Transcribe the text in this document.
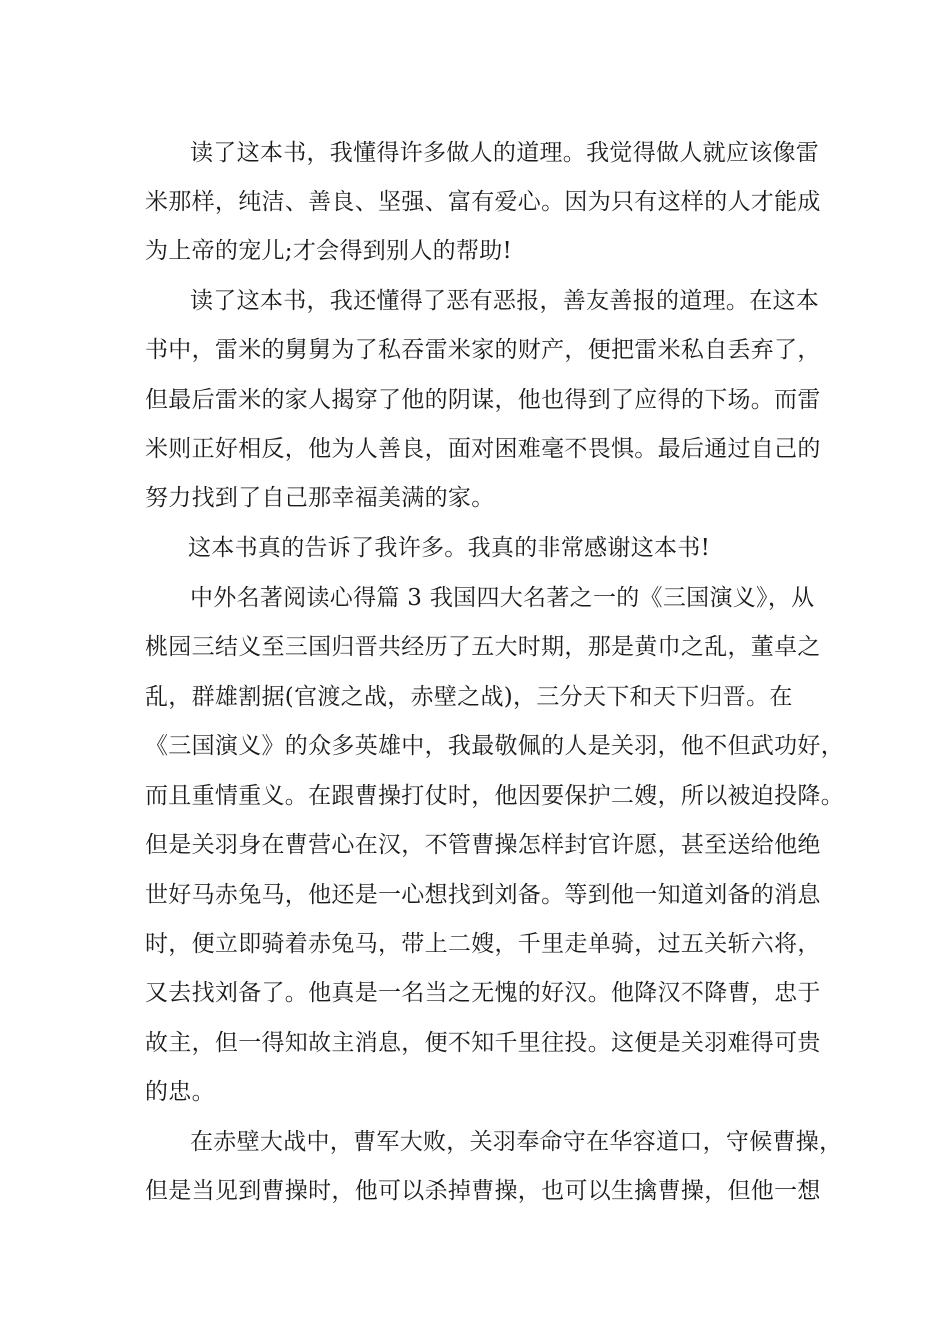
读了这本书，我懂得许多做人的道理。我觉得做人就应该像雷
米那样，纯洁、善良、坚强、富有爱心。因为只有这样的人才能成
为上帝的宠儿;才会得到别人的帮助!
读了这本书，我还懂得了恶有恶报，善友善报的道理。在这本
书中，雷米的舅舅为了私吞雷米家的财产，便把雷米私自丢弃了，
但最后雷米的家人揭穿了他的阴谋，他也得到了应得的下场。而雷
米则正好相反，他为人善良，面对困难毫不畏惧。最后通过自己的
努力找到了自己那幸福美满的家。
这本书真的告诉了我许多。我真的非常感谢这本书!
中外名著阅读心得篇 3 我国四大名著之一的《三国演义》，从
桃园三结义至三国归晋共经历了五大时期，那是黄巾之乱，董卓之
乱，群雄割据(官渡之战，赤壁之战)，三分天下和天下归晋。在
《三国演义》的众多英雄中，我最敬佩的人是关羽，他不但武功好，
而且重情重义。在跟曹操打仗时，他因要保护二嫂，所以被迫投降。
但是关羽身在曹营心在汉，不管曹操怎样封官许愿，甚至送给他绝
世好马赤兔马，他还是一心想找到刘备。等到他一知道刘备的消息
时，便立即骑着赤兔马，带上二嫂，千里走单骑，过五关斩六将，
又去找刘备了。他真是一名当之无愧的好汉。他降汉不降曹，忠于
故主，但一得知故主消息，便不知千里往投。这便是关羽难得可贵
的忠。
在赤壁大战中，曹军大败，关羽奉命守在华容道口，守候曹操，
但是当见到曹操时，他可以杀掉曹操，也可以生擒曹操，但他一想
